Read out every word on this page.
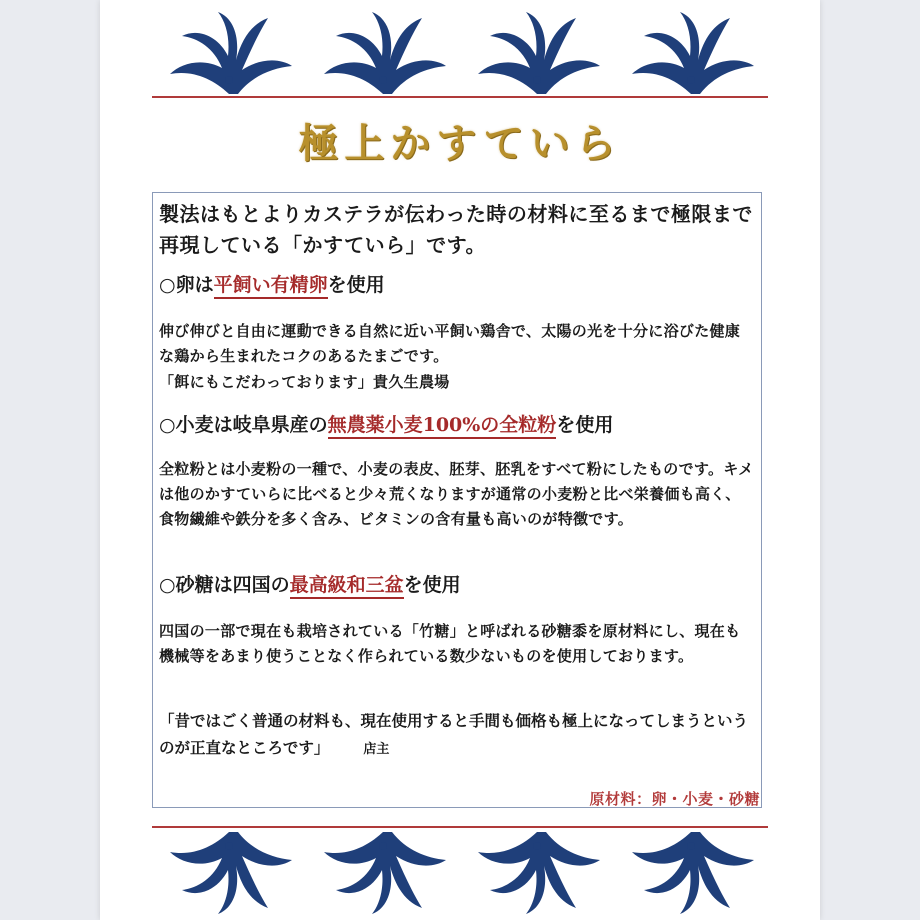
極上かすていら
製法はもとよりカステラが伝わった時の材料に至るまで極限まで再現している「かすていら」です。
○卵は平飼い有精卵を使用
伸び伸びと自由に運動できる自然に近い平飼い鶏舎で、太陽の光を十分に浴びた健康な鶏から生まれたコクのあるたまごです。
「餌にもこだわっております」貴久生農場
○小麦は岐阜県産の無農薬小麦100%の全粒粉を使用
全粒粉とは小麦粉の一種で、小麦の表皮、胚芽、胚乳をすべて粉にしたものです。キメは他のかすていらに比べると少々荒くなりますが通常の小麦粉と比べ栄養価も高く、食物繊維や鉄分を多く含み、ビタミンの含有量も高いのが特徴です。
○砂糖は四国の最高級和三盆を使用
四国の一部で現在も栽培されている「竹糖」と呼ばれる砂糖黍を原材料にし、現在も機械等をあまり使うことなく作られている数少ないものを使用しております。
「昔ではごく普通の材料も、現在使用すると手間も価格も極上になってしまうというのが正直なところです」	店主
原材料：卵・小麦・砂糖
